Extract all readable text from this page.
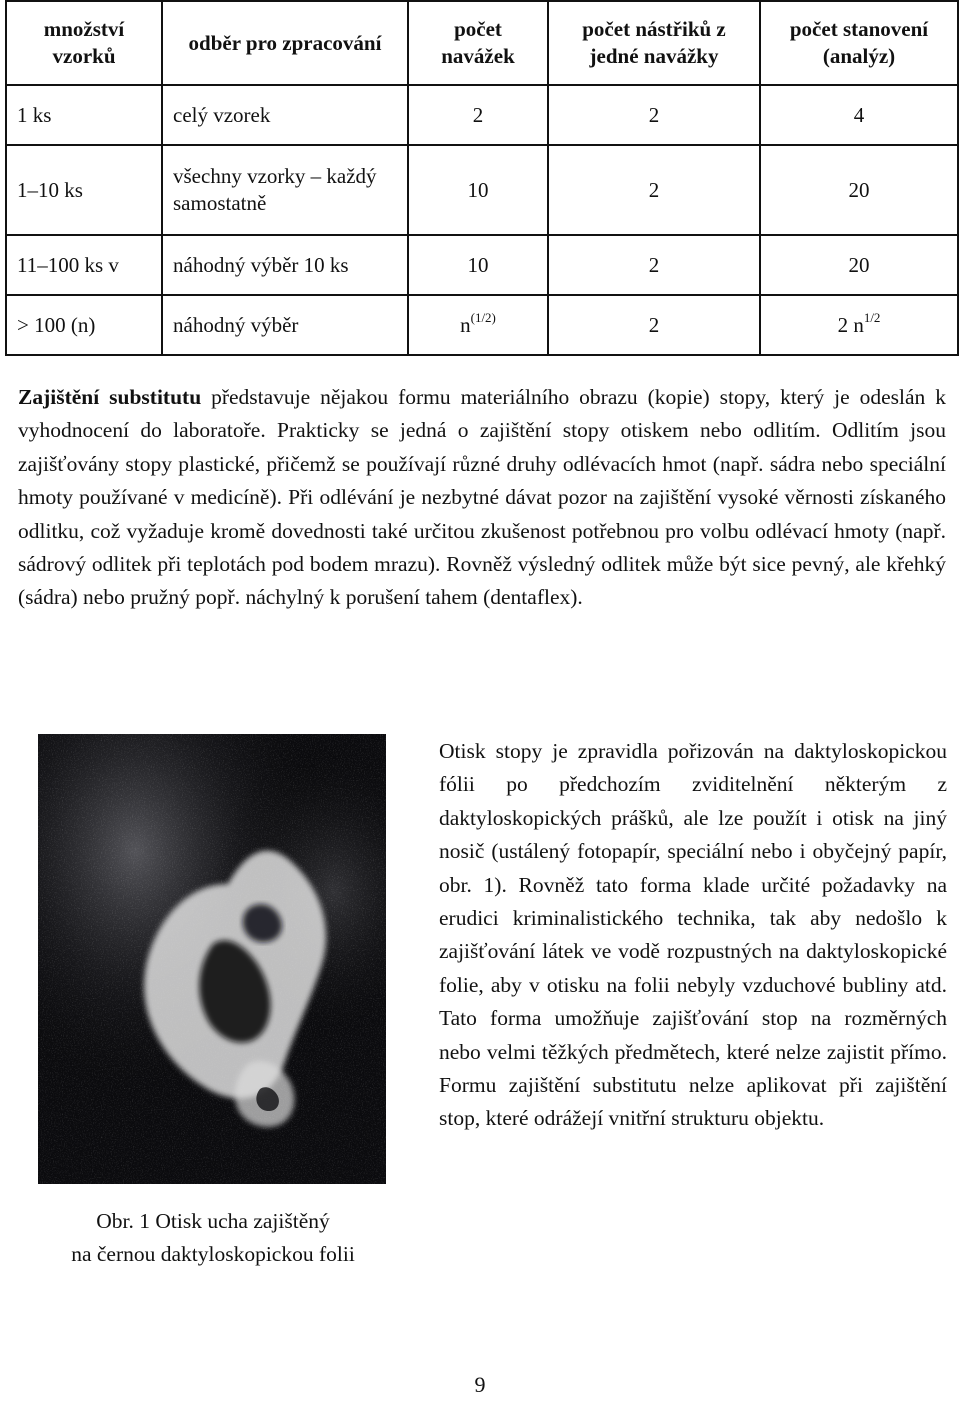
množství vzorků	odběr pro zpracování	počet navážek	počet nástřiků z jedné navážky	počet stanovení (analýz)
1 ks	celý vzorek	2	2	4
1–10 ks	všechny vzorky – každý samostatně	10	2	20
11–100 ks v	náhodný výběr 10 ks	10	2	20
> 100 (n)	náhodný výběr	$n^{(1/2)}$	2	2 $n^{1/2}$

Zajištění substitutu představuje nějakou formu materiálního obrazu (kopie) stopy, který je odeslán k vyhodnocení do laboratoře. Prakticky se jedná o zajištění stopy otiskem nebo odlitím. Odlitím jsou zajišťovány stopy plastické, přičemž se používají různé druhy odlévacích hmot (např. sádra nebo speciální hmoty používané v medicíně). Při odlévání je nezbytné dávat pozor na zajištění vysoké věrnosti získaného odlitku, což vyžaduje kromě dovednosti také určitou zkušenost potřebnou pro volbu odlévací hmoty (např. sádrový odlitek při teplotách pod bodem mrazu). Rovněž výsledný odlitek může být sice pevný, ale křehký (sádra) nebo pružný popř. náchylný k porušení tahem (dentaflex).

Obr. 1 Otisk ucha zajištěný
na černou daktyloskopickou folii

Otisk stopy je zpravidla pořizován na daktyloskopickou fólii po předchozím zviditelnění některým z daktyloskopických prášků, ale lze použít i otisk na jiný nosič (ustálený fotopapír, speciální nebo i obyčejný papír, obr. 1). Rovněž tato forma klade určité požadavky na erudici kriminalistického technika, tak aby nedošlo k zajišťování látek ve vodě rozpustných na daktyloskopické folie, aby v otisku na folii nebyly vzduchové bubliny atd. Tato forma umožňuje zajišťování stop na rozměrných nebo velmi těžkých předmětech, které nelze zajistit přímo. Formu zajištění substitutu nelze aplikovat při zajištění stop, které odrážejí vnitřní strukturu objektu.

9
